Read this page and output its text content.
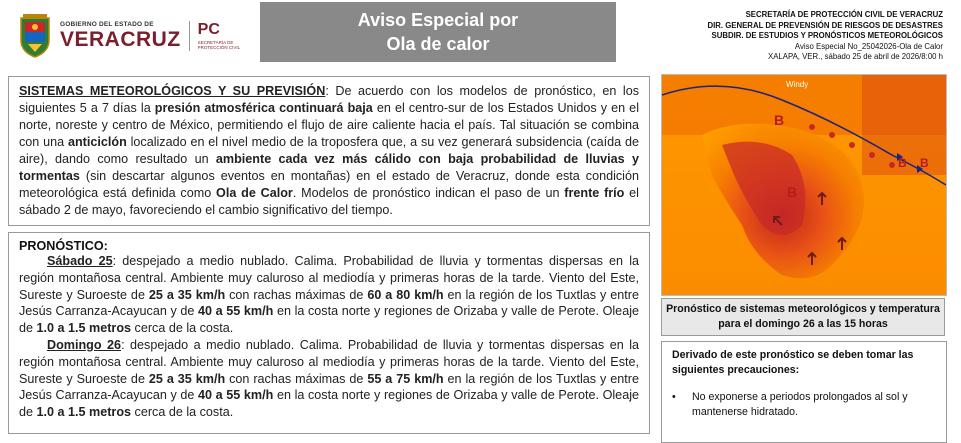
GOBIERNO DEL ESTADO DE
VERACRUZ PC
SECRETARÍA DE PROTECCIÓN CIVIL
Aviso Especial por
Ola de calor
SECRETARÍA DE PROTECCIÓN CIVIL DE VERACRUZ
DIR. GENERAL DE PREVENSIÓN DE RIESGOS DE DESASTRES
SUBDIR. DE ESTUDIOS Y PRONÓSTICOS METEOROLÓGICOS
Aviso Especial No_25042026-Ola de Calor
XALAPA, VER., sábado 25 de abril de 2026/8:00 h

SISTEMAS METEOROLÓGICOS Y SU PREVISIÓN: De acuerdo con los modelos de pronóstico, en los siguientes 5 a 7 días la presión atmosférica continuará baja en el centro-sur de los Estados Unidos y en el norte, noreste y centro de México, permitiendo el flujo de aire caliente hacia el país. Tal situación se combina con una anticiclón localizado en el nivel medio de la troposfera que, a su vez generará subsidencia (caída de aire), dando como resultado un ambiente cada vez más cálido con baja probabilidad de lluvias y tormentas (sin descartar algunos eventos en montañas) en el estado de Veracruz, donde esta condición meteorológica está definida como Ola de Calor. Modelos de pronóstico indican el paso de un frente frío el sábado 2 de mayo, favoreciendo el cambio significativo del tiempo.

PRONÓSTICO:

Sábado 25: despejado a medio nublado. Calima. Probabilidad de lluvia y tormentas dispersas en la región montañosa central. Ambiente muy caluroso al mediodía y primeras horas de la tarde. Viento del Este, Sureste y Suroeste de 25 a 35 km/h con rachas máximas de 60 a 80 km/h en la región de los Tuxtlas y entre Jesús Carranza-Acayucan y de 40 a 55 km/h en la costa norte y regiones de Orizaba y valle de Perote. Oleaje de 1.0 a 1.5 metros cerca de la costa.

Domingo 26: despejado a medio nublado. Calima. Probabilidad de lluvia y tormentas dispersas en la región montañosa central. Ambiente muy caluroso al mediodía y primeras horas de la tarde. Viento del Este, Sureste y Suroeste de 25 a 35 km/h con rachas máximas de 55 a 75 km/h en la región de los Tuxtlas y entre Jesús Carranza-Acayucan y de 40 a 55 km/h en la costa norte y regiones de Orizaba y valle de Perote. Oleaje de 1.0 a 1.5 metros cerca de la costa.

B
B
B B
Windy
Pronóstico de sistemas meteorológicos y temperatura para el domingo 26 a las 15 horas
Derivado de este pronóstico se deben tomar las siguientes precauciones:
•	No exponerse a periodos prolongados al sol y mantenerse hidratado.
